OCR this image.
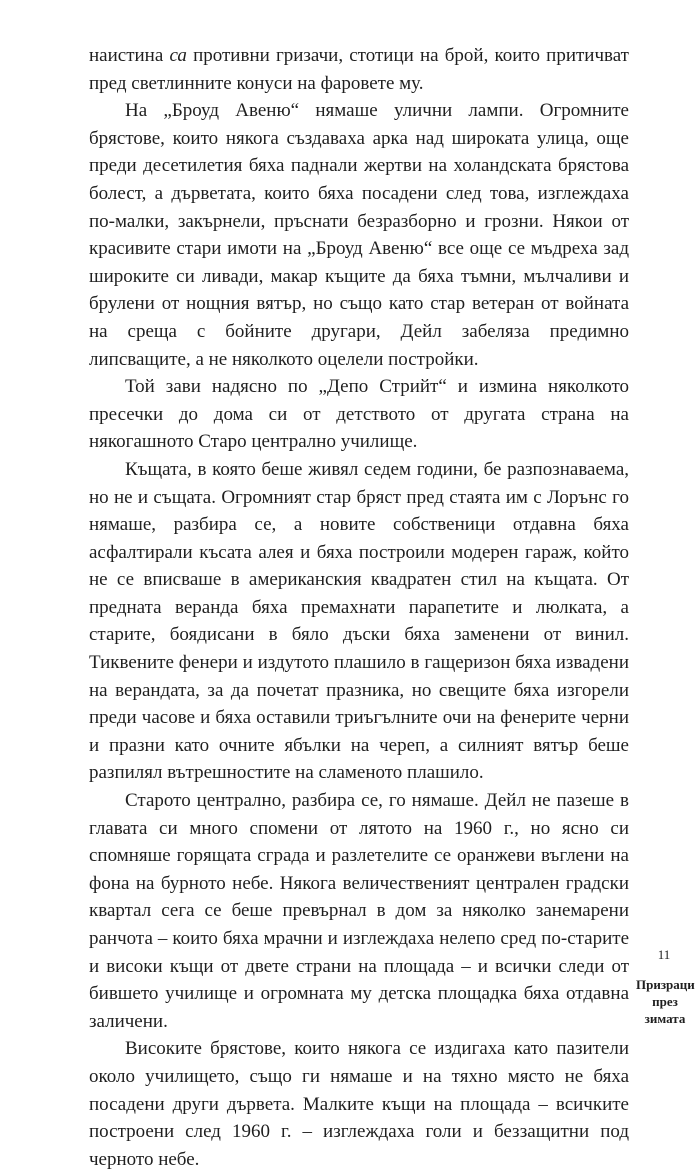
наистина са противни гризачи, стотици на брой, които притичват пред светлинните конуси на фаровете му.

На „Броуд Авеню“ нямаше улични лампи. Огромните брястове, които някога създаваха арка над широката улица, още преди десетилетия бяха паднали жертви на холандската брястова болест, а дърветата, които бяха посадени след това, изглеждаха по-малки, закърнели, пръснати безразборно и грозни. Някои от красивите стари имоти на „Броуд Авеню“ все още се мъдреха зад широките си ливади, макар къщите да бяха тъмни, мълчаливи и брулени от нощния вятър, но също като стар ветеран от войната на среща с бойните другари, Дейл забеляза предимно липсващите, а не няколкото оцелели постройки.

Той зави надясно по „Депо Стрийт“ и измина няколкото пресечки до дома си от детството от другата страна на някогашното Старо централно училище.

Къщата, в която беше живял седем години, бе разпознаваема, но не и същата. Огромният стар бряст пред стаята им с Лорънс го нямаше, разбира се, а новите собственици отдавна бяха асфалтирали късата алея и бяха построили модерен гараж, който не се вписваше в американския квадратен стил на къщата. От предната веранда бяха премахнати парапетите и люлката, а старите, боядисани в бяло дъски бяха заменени от винил. Тиквените фенери и издутото плашило в гащеризон бяха извадени на верандата, за да почетат празника, но свещите бяха изгорели преди часове и бяха оставили триъгълните очи на фенерите черни и празни като очните ябълки на череп, а силният вятър беше разпилял вътрешностите на сламеното плашило.

Старото централно, разбира се, го нямаше. Дейл не пазеше в главата си много спомени от лятото на 1960 г., но ясно си спомняше горящата сграда и разлетелите се оранжеви въглени на фона на бурното небе. Някога величественият централен градски квартал сега се беше превърнал в дом за няколко занемарени ранчота – които бяха мрачни и изглеждаха нелепо сред по-старите и високи къщи от двете страни на площада – и всички следи от бившето училище и огромната му детска площадка бяха отдавна заличени.

Високите брястове, които някога се издигаха като пазители около училището, също ги нямаше и на тяхно място не бяха посадени други дървета. Малките къщи на площада – всичките построени след 1960 г. – изглеждаха голи и беззащитни под черното небе.

11
Призраци
през зимата
